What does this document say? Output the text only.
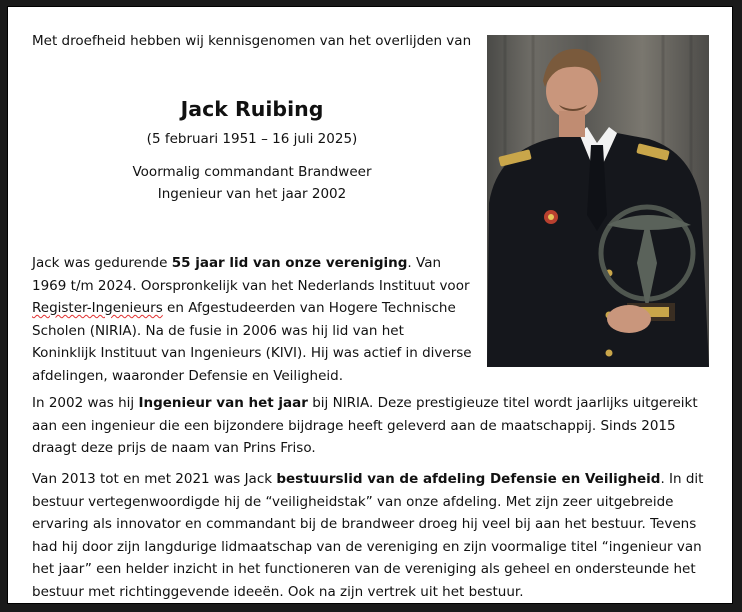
Met droefheid hebben wij kennisgenomen van het overlijden van
Jack Ruibing
(5 februari 1951 – 16 juli 2025)
Voormalig commandant Brandweer
Ingenieur van het jaar 2002

Jack was gedurende 55 jaar lid van onze vereniging. Van 1969 t/m 2024. Oorspronkelijk van het Nederlands Instituut voor Register-Ingenieurs en Afgestudeerden van Hogere Technische Scholen (NIRIA). Na de fusie in 2006 was hij lid van het Koninklijk Instituut van Ingenieurs (KIVI). Hij was actief in diverse afdelingen, waaronder Defensie en Veiligheid.

In 2002 was hij Ingenieur van het jaar bij NIRIA. Deze prestigieuze titel wordt jaarlijks uitgereikt aan een ingenieur die een bijzondere bijdrage heeft geleverd aan de maatschappij. Sinds 2015 draagt deze prijs de naam van Prins Friso.

Van 2013 tot en met 2021 was Jack bestuurslid van de afdeling Defensie en Veiligheid. In dit bestuur vertegenwoordigde hij de “veiligheidstak” van onze afdeling. Met zijn zeer uitgebreide ervaring als innovator en commandant bij de brandweer droeg hij veel bij aan het bestuur. Tevens had hij door zijn langdurige lidmaatschap van de vereniging en zijn voormalige titel “ingenieur van het jaar” een helder inzicht in het functioneren van de vereniging als geheel en ondersteunde het bestuur met richtinggevende ideeën. Ook na zijn vertrek uit het bestuur.
